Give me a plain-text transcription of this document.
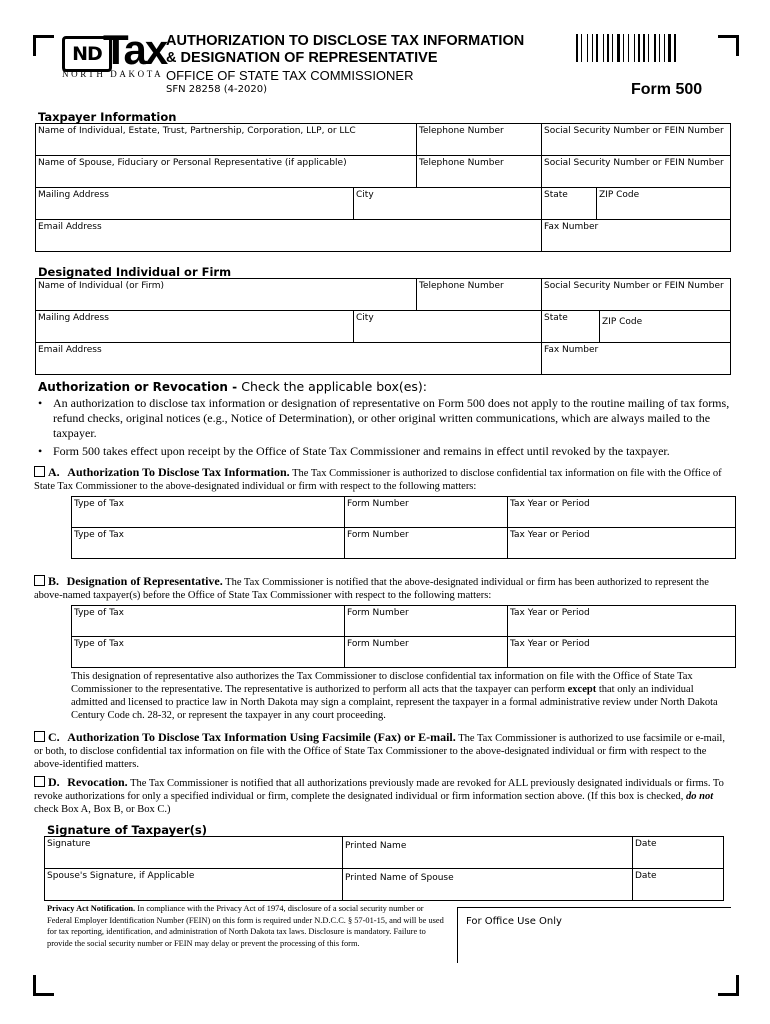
ND Tax
NORTH DAKOTA
AUTHORIZATION TO DISCLOSE TAX INFORMATION
& DESIGNATION OF REPRESENTATIVE
OFFICE OF STATE TAX COMMISSIONER
SFN 28258 (4-2020)	Form 500
Taxpayer Information
Name of Individual, Estate, Trust, Partnership, Corporation, LLP, or LLC	Telephone Number	Social Security Number or FEIN Number
Name of Spouse, Fiduciary or Personal Representative (if applicable)	Telephone Number	Social Security Number or FEIN Number
Mailing Address	City	State	ZIP Code
Email Address	Fax Number
Designated Individual or Firm
Name of Individual (or Firm)	Telephone Number	Social Security Number or FEIN Number
Mailing Address	City	State	ZIP Code
Email Address	Fax Number
Authorization or Revocation - Check the applicable box(es):
• An authorization to disclose tax information or designation of representative on Form 500 does not apply to the routine mailing of tax forms, refund checks, original notices (e.g., Notice of Determination), or other original written communications, which are always mailed to the taxpayer.
• Form 500 takes effect upon receipt by the Office of State Tax Commissioner and remains in effect until revoked by the taxpayer.
A. Authorization To Disclose Tax Information. The Tax Commissioner is authorized to disclose confidential tax information on file with the Office of State Tax Commissioner to the above-designated individual or firm with respect to the following matters:
Type of Tax	Form Number	Tax Year or Period
Type of Tax	Form Number	Tax Year or Period
B. Designation of Representative. The Tax Commissioner is notified that the above-designated individual or firm has been authorized to represent the above-named taxpayer(s) before the Office of State Tax Commissioner with respect to the following matters:
Type of Tax	Form Number	Tax Year or Period
Type of Tax	Form Number	Tax Year or Period
This designation of representative also authorizes the Tax Commissioner to disclose confidential tax information on file with the Office of State Tax Commissioner to the representative. The representative is authorized to perform all acts that the taxpayer can perform except that only an individual admitted and licensed to practice law in North Dakota may sign a complaint, represent the taxpayer in a formal administrative review under North Dakota Century Code ch. 28-32, or represent the taxpayer in any court proceeding.
C. Authorization To Disclose Tax Information Using Facsimile (Fax) or E-mail. The Tax Commissioner is authorized to use facsimile or e-mail, or both, to disclose confidential tax information on file with the Office of State Tax Commissioner to the above-designated individual or firm with respect to the above-identified matters.
D. Revocation. The Tax Commissioner is notified that all authorizations previously made are revoked for ALL previously designated individuals or firms. To revoke authorizations for only a specified individual or firm, complete the designated individual or firm information section above. (If this box is checked, do not check Box A, Box B, or Box C.)
Signature of Taxpayer(s)
Signature	Printed Name	Date
Spouse's Signature, if Applicable	Printed Name of Spouse	Date
Privacy Act Notification. In compliance with the Privacy Act of 1974, disclosure of a social security number or Federal Employer Identification Number (FEIN) on this form is required under N.D.C.C. § 57-01-15, and will be used for tax reporting, identification, and administration of North Dakota tax laws. Disclosure is mandatory. Failure to provide the social security number or FEIN may delay or prevent the processing of this form.
For Office Use Only
